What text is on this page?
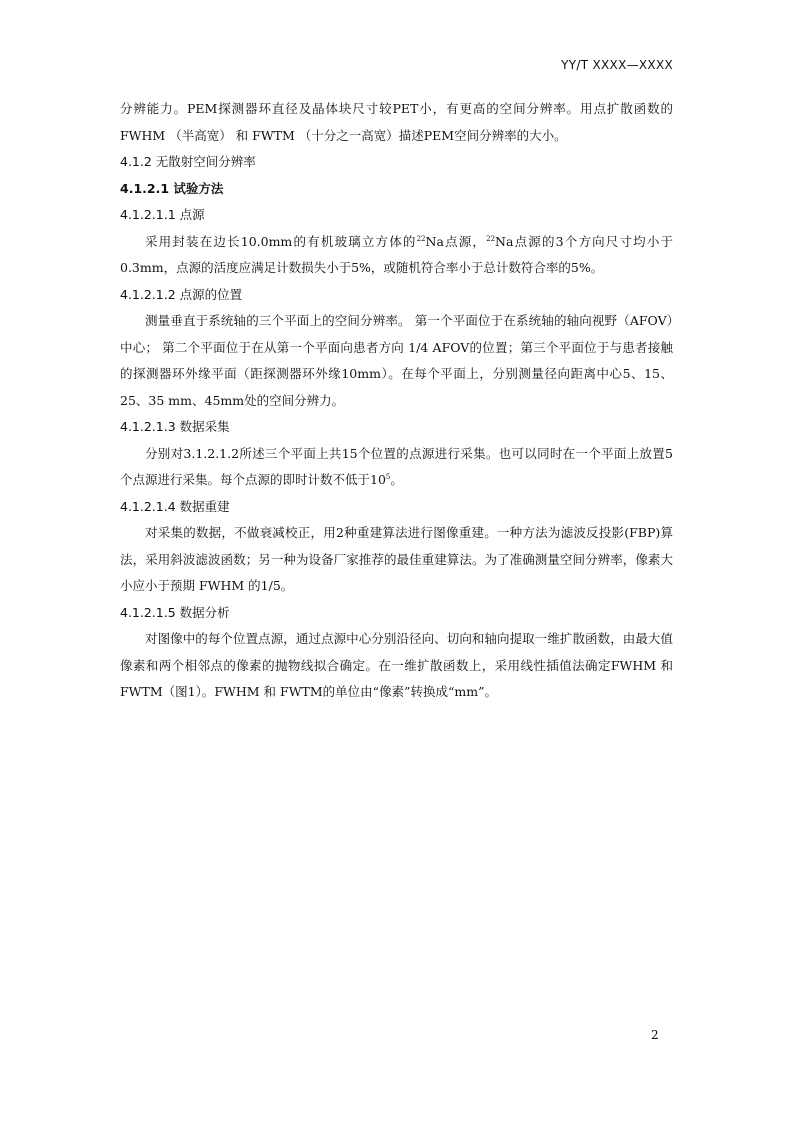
YY/T XXXX—XXXX

分辨能力。PEM探测器环直径及晶体块尺寸较PET小，有更高的空间分辨率。用点扩散函数的 FWHM （半高宽） 和 FWTM （十分之一高宽）描述PEM空间分辨率的大小。

4.1.2 无散射空间分辨率
4.1.2.1 试验方法
4.1.2.1.1 点源

采用封装在边长10.0mm的有机玻璃立方体的$^{22}$Na点源，$^{22}$Na点源的3个方向尺寸均小于0.3mm，点源的活度应满足计数损失小于5%，或随机符合率小于总计数符合率的5%。

4.1.2.1.2 点源的位置

测量垂直于系统轴的三个平面上的空间分辨率。 第一个平面位于在系统轴的轴向视野（AFOV）中心； 第二个平面位于在从第一个平面向患者方向 1/4 AFOV的位置；第三个平面位于与患者接触的探测器环外缘平面（距探测器环外缘10mm）。在每个平面上，分别测量径向距离中心5、15、25、35 mm、45mm处的空间分辨力。

4.1.2.1.3 数据采集

分别对3.1.2.1.2所述三个平面上共15个位置的点源进行采集。也可以同时在一个平面上放置5个点源进行采集。每个点源的即时计数不低于$10^5$。

4.1.2.1.4 数据重建

对采集的数据，不做衰减校正，用2种重建算法进行图像重建。一种方法为滤波反投影(FBP)算法，采用斜波滤波函数；另一种为设备厂家推荐的最佳重建算法。为了准确测量空间分辨率，像素大小应小于预期 FWHM 的1/5。

4.1.2.1.5 数据分析

对图像中的每个位置点源，通过点源中心分别沿径向、切向和轴向提取一维扩散函数，由最大值像素和两个相邻点的像素的抛物线拟合确定。在一维扩散函数上，采用线性插值法确定FWHM 和 FWTM（图1）。FWHM 和 FWTM的单位由“像素”转换成“mm”。

2
